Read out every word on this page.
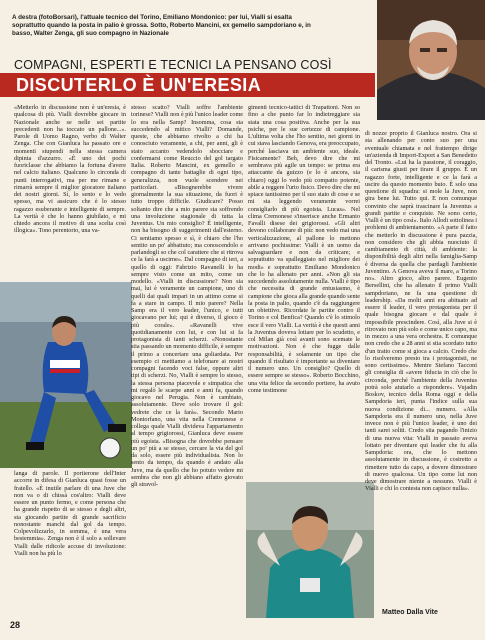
A destra (fotoBorsari), l'attuale tecnico del Torino, Emiliano Mondonico: per lui, Vialli si esalta soprattutto quando la posta in palio è grossa. Sotto, Roberto Mancini, ex gemello sampdoriano e, in basso, Walter Zenga, gli suo compagno in Nazionale
COMPAGNI, ESPERTI E TECNICI LA PENSANO COSÌ
DISCUTERLO È UN'ERESIA

«Metterlo in discussione non è un'eresia, è qualcosa di più. Vialli dovrebbe giocare in Nazionale anche se nelle sei partite precedenti non ha toccato un pallone...». Parole di Uomo Ragno, verbo di Walter Zenga. Che con Gianluca ha passato ore e momenti stupendi nella stessa camera dipinta d'azzurro. «È uno dei pochi fuoriclasse che abbiamo la fortuna d'avere nel calcio italiano. Qualcuno lo circonda di punti interrogativi, ma per me rimane e rimarrà sempre il miglior giocatore italiano dei nostri giorni. Sì, lo sento e lo vedo spesso, ma vi assicuro che è lo stesso ragazzo esuberante e intelligente di sempre. La verità è che lo hanno giubilato, e mi chiedo ancora il motivo di una scelta così illogica». Tono perentorio, una va-

langa di parole. Il portierone dell'Inter accorre in difesa di Gianluca quasi fosse un fratello. «È inutile parlare di una Juve che non va o di chissà cos'altro: Vialli deve essere un punto fermo, e come persona che ha grande rispetto di se stesso e degli altri, sta giocando partite di grande sacrificio nonostante manchi dal gol da tempo. Colpevolizzarlo, in somma, è una vera bestemmia». Zenga non è il solo a sollevare Vialli dalle ridicole accuse di involuzione: Vialli non ha più lo

stesso scatto? Vialli soffre l'ambiente torinese? Vialli non è più l'unico leader come lo era nella Samp? Insomma, cosa sta succedendo al mitico Vialli? Domande, queste, che abbiamo rivolto a chi ha conosciuto veramente, a chi, per anni, gli è stato accanto vedendolo sbocciare e confermarsi come Reuccio del gol targato Italia. Roberto Mancini, ex gemello e compagno di tante battaglie di ogni tipo, generalizza, non vuole scendere nei particolari. «Bisognerebbe vivere giornalmente la sua situazione, da fuori è tutto troppo difficile. Giudicare? Posso soltanto dire che a mio parere sta soffrendo una involuzione stagionale di tutta la Juventus. Un mio consiglio? È intelligente, non ha bisogno di suggerimenti dall'esterno. Ci sentiamo spesso e sì, è chiaro che l'ho sentito un po' abbattuto; ma conoscendolo e parlandogli so che col carattere che si ritrova ce la farà a uscirne». Dal compagno di ieri, a quello di oggi: Fabrizio Ravanelli lo ha sempre visto come un mito, come un modello. «Vialli in discussione? Non sia mai, lui è veramente un campione, uno di quelli dai quali impari in un attimo come si fa a stare in campo. Il mio parere? Nella Samp era il vero leader, l'unico, e tutti giocavano per lui; qui è diverso, il gioco è più corale». «Ravanelli vive quotidianamente con lui, e con lui si fa protagonista di tanti scherzi. «Nonostante stia passando un momento difficile, è sempre il primo a concertare una goliardata. Per esempio ci mettiamo a telefonare ai nostri compagni facendo voci false, oppure altri tipi di scherzi. No, Vialli è sempre lo stesso, la stessa persona piacevole e simpatica che mi regalò le scarpe anni e anni fa, quando giocavo nel Perugia. Non è cambiato, assolutamente. Deve solo trovare il gol: vedrete che ce la farà». Secondo Mario Montorfano, una vita nella Cremonese e collega quale Vialli divideva l'appartamento al tempo grigiorossi, Gianluca deve essere più egoista. «Bisogna che dovrebbe pensare un po' più a se stesso, cercare la via del gol da solo, essere più individualista. Non lo sento da tempo, da quando è andato alla Juve, ma da quello che ho potuto vedere mi sembra che non gli abbiano affatto giovato gli stravol-

gimenti tecnico-tattici di Trapattoni. Non so fino a che punto far lo indietreggiare sia stata una cosa positiva. Anche per la sua psiche, per le sue certezze di campione. L'ultima volta che l'ho sentito, nei giorni in cui stava lasciando Genova, era preoccupato, perché lasciava un ambiente suo, ideale. Fisicamente? Beh, devo dire che mi sembrava più agile un tempo: se prima era attaccante da guizzo (e lo è ancora, sia chiaro) oggi lo vedo più compatto potente, abile a reggere l'urto fisico. Devo dire che mi spiace tantissimo per il suo stato di cose e se mi sta leggendo veramente vorrei consigliarlo di più egoista. Lucas». Nel clima Cremonese s'inserisce anche Ermanio Favalli disese dei grigiorossi. «Gli altri devono collaborare di più: non vedo mai una verticalizzazione, al pallone lo mettono arrivano pochissime: Vialli è un uomo da salvaguardare e non da criticare; e soprattutto va spalleggiato nel migliore dei modi» e soprattutto Emiliano Mondonico che lo ha allenato per anni. «Non gli sta succedendo assolutamente nulla. Vialli è tipo che necessita di grande entusiasmo, è campione che gioca alla grande quando sente la posta in palio, quando c'è da raggiungere un obiettivo. Ricordate le partite contro il Torino e col Benfica? Quando c'è lo stimolo esce il vero Vialli. La verità è che questi anni la Juventus doveva lottare per lo scudetto, e col Milan già così avanti sono scemate le motivazioni. Non è che fugge dalle responsabilità, è solamente un tipo che quando il risultato è importante sa diventare il numero uno. Un consiglio? Quello di essere sempre se stesso». Roberto Bocchino, una vita felice da secondo portiere, ha avuto come testimone

di nozze proprio il Gianluca nostro. Ora si sta allenando per conto suo per una eventuale chiamata e nel frattempo dirige un'azienda di Import-Export a San Benedetto del Tronto. «Lui ha la passione, il coraggio, il carisma giusti per tirare il gruppo. È un ragazzo forte, intelligente e ce la farà a uscire da questo momento buio. È solo una questione di squadra: si mole la Juve, non gira bene lui. Tutto qui. E non comunque convinto che saprà trascinare la Juventus a grandi partite e conquiste. Ne sono certo, Vialli è un tipo così». Italo Allodi sottolinea i problemi di ambientamento. «A parte il fatto che metterlo in discussione è pura pazzia, non considero che gli abbia nuociuto il cambiamento di città, di ambiente: la disponibilità degli altri nella famiglia-Samp è diversa da quella che pardagli l'ambiente Juventino. A Genova aveva il mare, a Torino no». Altro gioco, altro parere. Eugenio Bersellini, che ha allenato il primo Vialli sampdoriano, ne fa una questione di leadership. «Da molti anni era abituato ad essere il leader, il vero protagonista per il quale bisogna giocare e dal quale è impossibile prescindere. Così, alla Juve si è ritrovato non più solo e come unico capo, ma in mezzo a una vera orchestra. E comunque non credo che a 28 anni si stia scordato tutto d'un tratto come si gioca a calcio. Credo che lo risolveremo presto tra i protagonisti, ne sono certissimo». Mentre Stefano Tacconi gli consiglia di «avere fiducia in ciò che lo circonda, perché l'ambiente della Juventus potrà solo aiutarlo a rispondere». Vujadin Boskov, tecnico della Roma oggi e della Sampdoria ieri, punta l'indice sulla sua nuova condizione di... numero. «Alla Sampdoria era il numero uno, nella Juve invece non è più l'unico leader, è uno dei tanti sarei soliti. Credo stia pagando l'inizio di una nuova vita: Vialli in passato aveva lottato per diventare qui leader che fu alla Sampdoria: ora, che lo mettono assolutamente in discussione, è costretto a rimettere tutto da capo, a dovere dimostrare di nuovo qualcosa. Un tipo come lui non deve dimostrare niente a nessuno. Vialli è Vialli e chi lo contesta non capisce nulla».

Matteo Dalla Vite
28
